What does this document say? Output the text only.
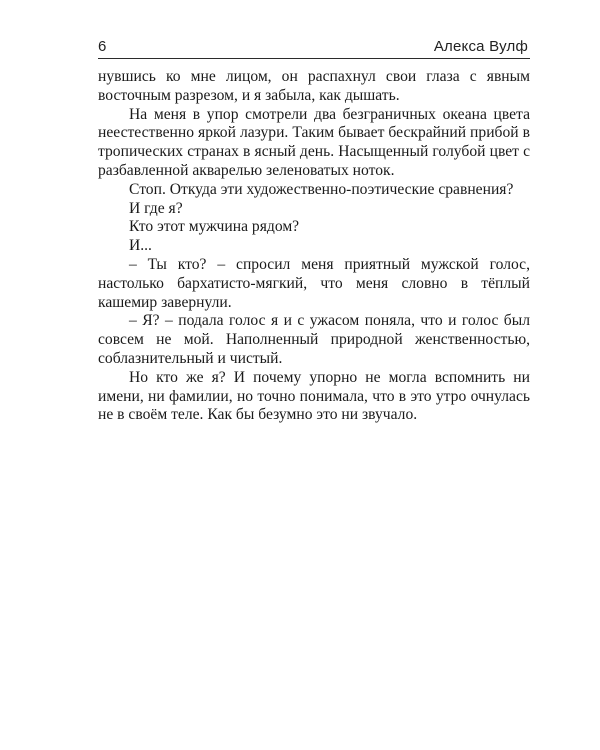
6	Алекса Вулф

нувшись ко мне лицом, он распахнул свои глаза с явным восточным разрезом, и я забыла, как дышать.

На меня в упор смотрели два безграничных океана цвета неестественно яркой лазури. Таким бывает бескрайний прибой в тропических странах в ясный день. Насыщенный голубой цвет с разбавленной акварелью зеленоватых ноток.

Стоп. Откуда эти художественно-поэтические сравнения?

И где я?

Кто этот мужчина рядом?

И...

– Ты кто? – спросил меня приятный мужской голос, настолько бархатисто-мягкий, что меня словно в тёплый кашемир завернули.

– Я? – подала голос я и с ужасом поняла, что и голос был совсем не мой. Наполненный природной женственностью, соблазнительный и чистый.

Но кто же я? И почему упорно не могла вспомнить ни имени, ни фамилии, но точно понимала, что в это утро очнулась не в своём теле. Как бы безумно это ни звучало.
